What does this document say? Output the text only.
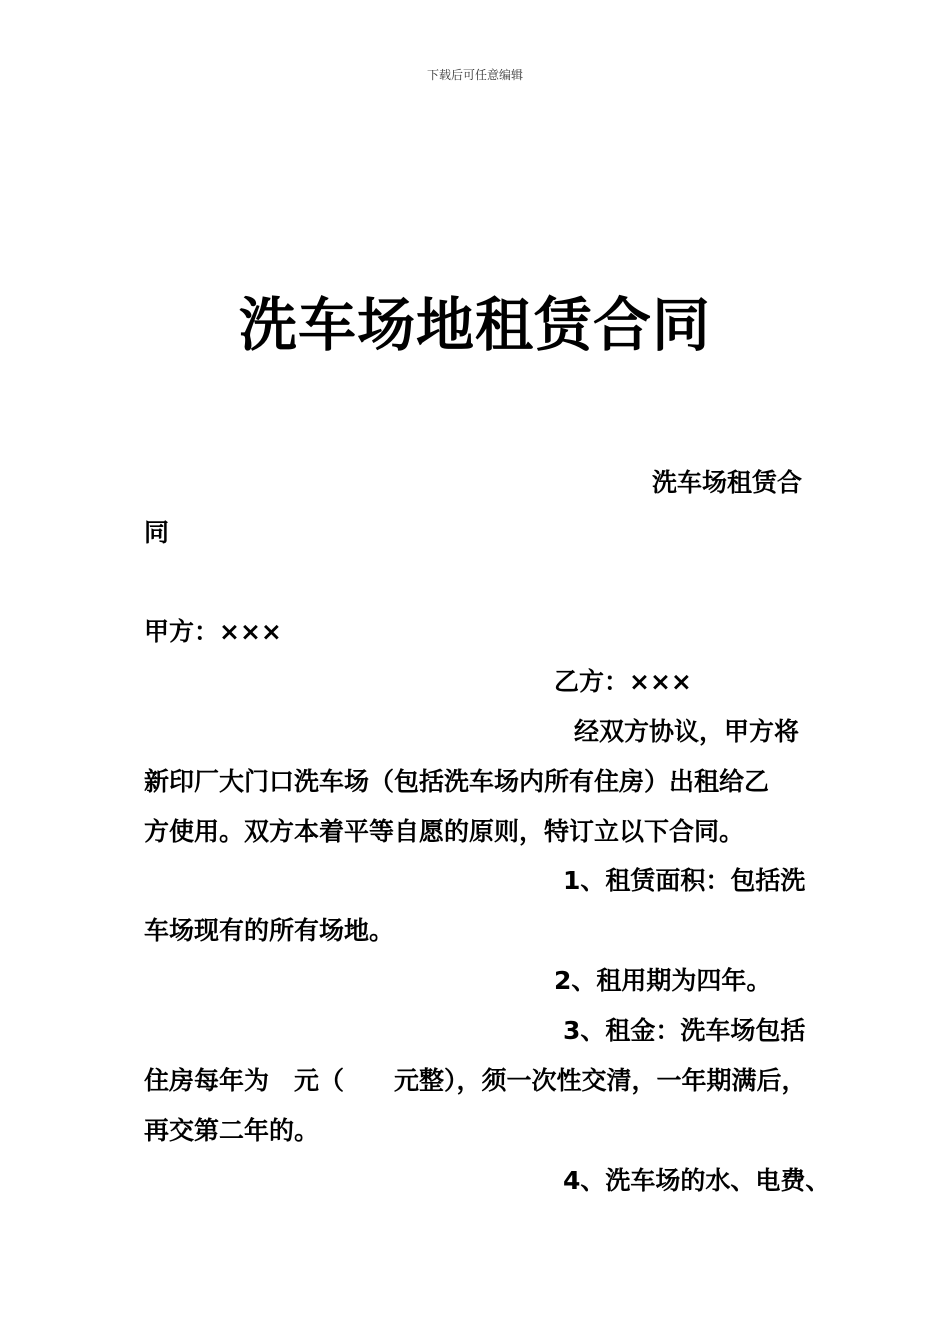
下载后可任意编辑
洗车场地租赁合同
洗车场租赁合
同
甲方：×××
乙方：×××
经双方协议，甲方将
新印厂大门口洗车场（包括洗车场内所有住房）出租给乙
方使用。双方本着平等自愿的原则，特订立以下合同。
1、租赁面积：包括洗
车场现有的所有场地。
2、租用期为四年。
3、租金：洗车场包括
住房每年为　元（　　元整），须一次性交清，一年期满后，
再交第二年的。
4、洗车场的水、电费、
